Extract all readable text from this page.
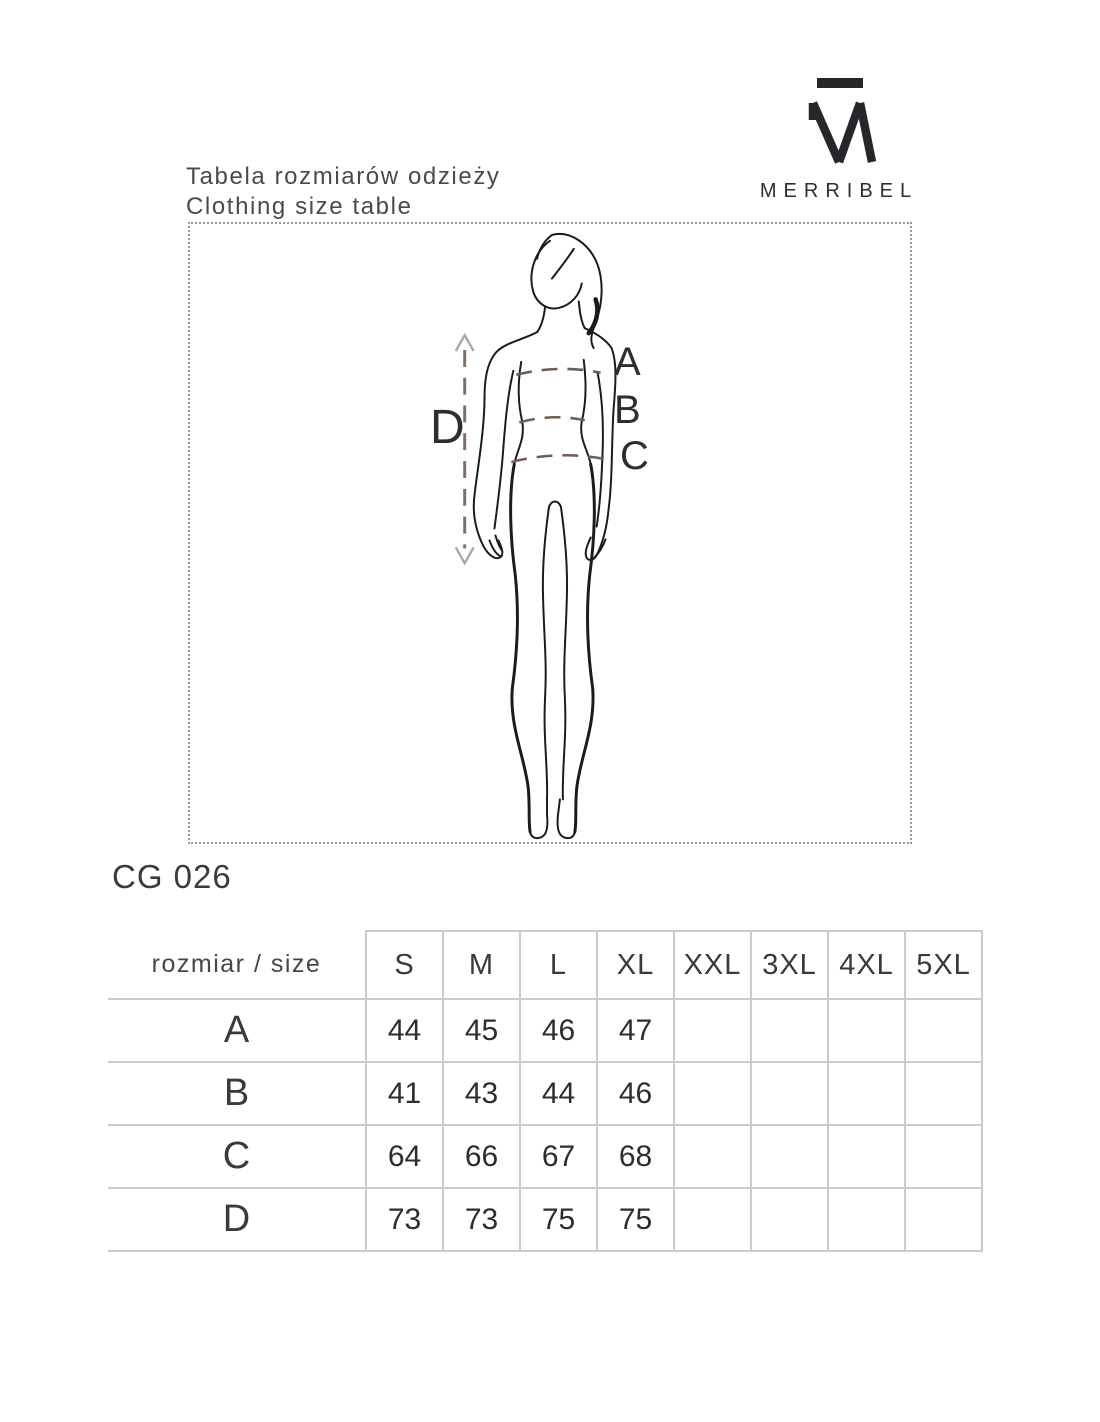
Tabela rozmiarów odzieży
Clothing size table
MERRIBEL
A
B
C
D
CG 026
rozmiar / size	S	M	L	XL	XXL	3XL	4XL	5XL
A	44	45	46	47				
B	41	43	44	46				
C	64	66	67	68				
D	73	73	75	75				
